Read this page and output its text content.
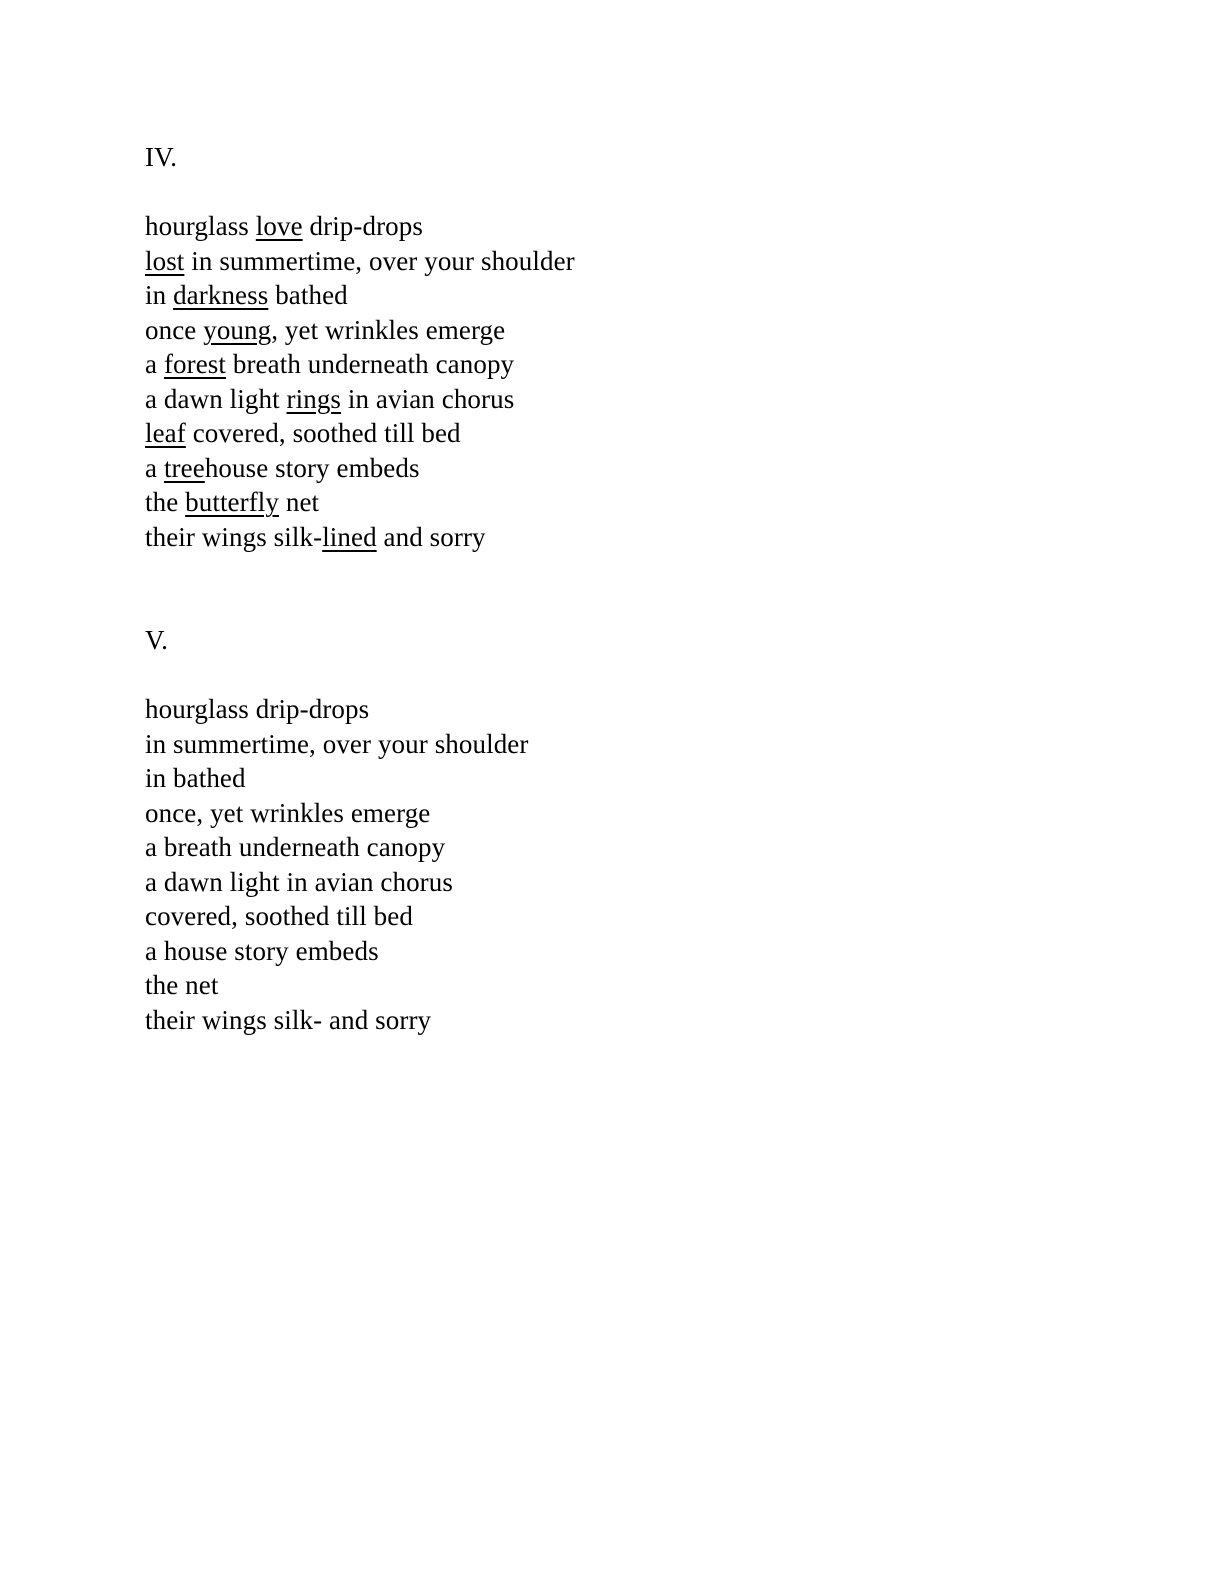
IV.
hourglass love drip-drops
lost in summertime, over your shoulder
in darkness bathed
once young, yet wrinkles emerge
a forest breath underneath canopy
a dawn light rings in avian chorus
leaf covered, soothed till bed
a treehouse story embeds
the butterfly net
their wings silk-lined and sorry
V.
hourglass drip-drops
in summertime, over your shoulder
in bathed
once, yet wrinkles emerge
a breath underneath canopy
a dawn light in avian chorus
covered, soothed till bed
a house story embeds
the net
their wings silk- and sorry
